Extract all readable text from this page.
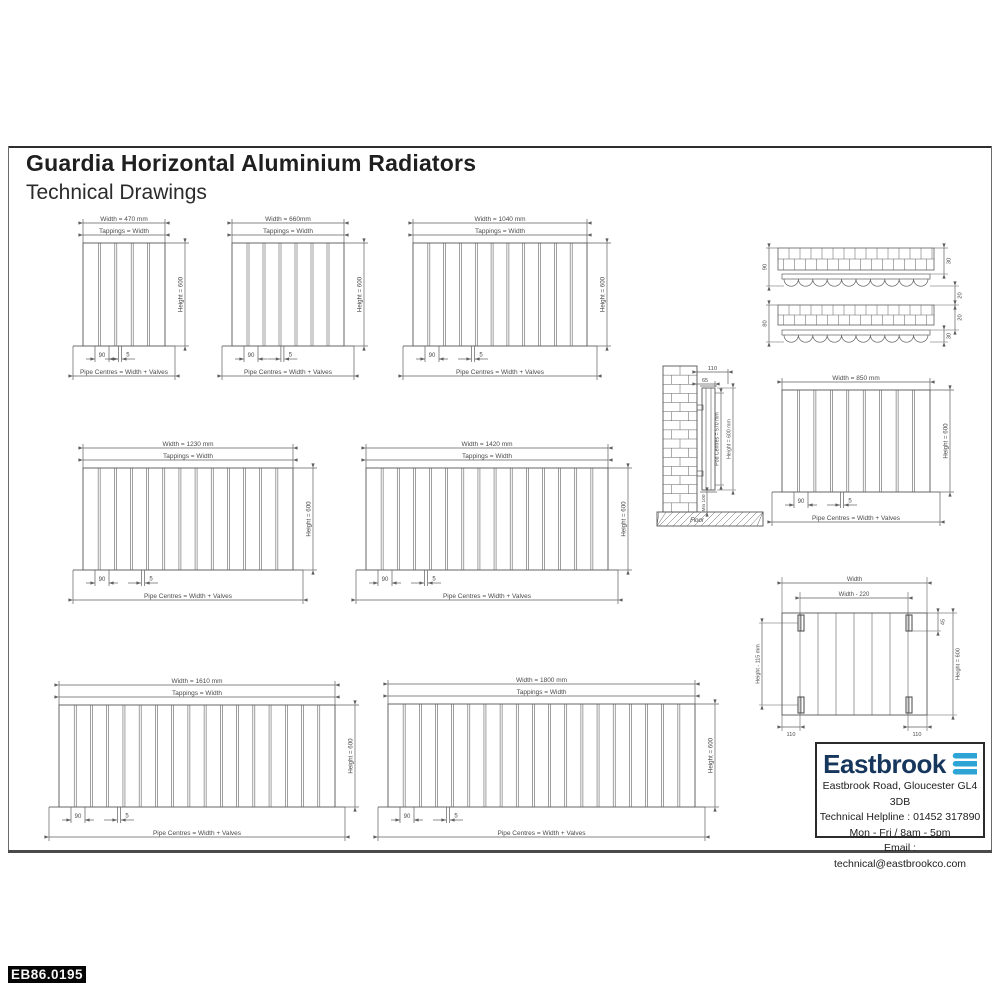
Guardia Horizontal Aluminium Radiators
Technical Drawings
Width = 470 mm
Tappings = Width
Height = 600
Pipe Centres = Width + Valves
90	5
Width = 660mm
Tappings = Width
Height = 600
Pipe Centres = Width + Valves
90	5
Width = 1040 mm
Tappings = Width
Height = 600
Pipe Centres = Width + Valves
90	5
Width = 1230 mm
Tappings = Width
Height = 600
Pipe Centres = Width + Valves
90	5
Width = 1420 mm
Tappings = Width
Height = 600
Pipe Centres = Width + Valves
90	5
Width = 1610 mm
Tappings = Width
Height = 600
Pipe Centres = Width + Valves
90	5
Width = 1800 mm
Tappings = Width
Height = 600
Pipe Centres = Width + Valves
90	5
Width = 850 mm
Height = 600
Pipe Centres = Width + Valves
90	5
90
80
30
20
20
30
110
65
Pod Centres = 570 mm Height = 600 mm
Min 100
Floor
Width
Width - 220
Height - 115 mm
45
Height = 600
110	110
Eastbrook
Eastbrook Road, Gloucester GL4 3DB
Technical Helpline : 01452 317890
Mon - Fri / 8am - 5pm
Email : technical@eastbrookco.com
EB86.0195
